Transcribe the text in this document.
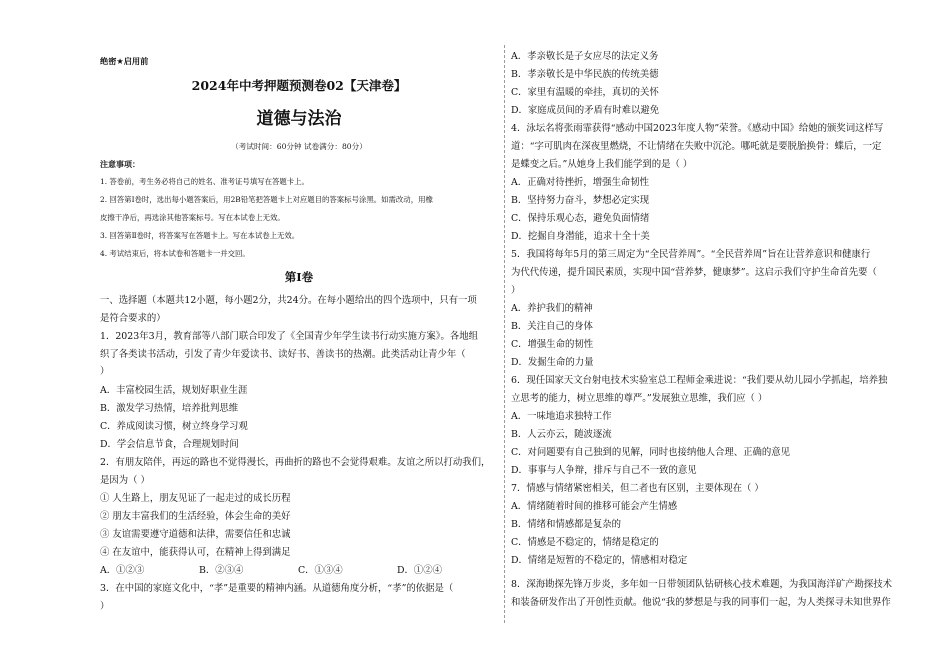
绝密★启用前
2024年中考押题预测卷02【天津卷】
道德与法治
（考试时间：60分钟 试卷满分：80分）
注意事项：
1. 答卷前，考生务必将自己的姓名、准考证号填写在答题卡上。
2. 回答第Ⅰ卷时，选出每小题答案后，用2B铅笔把答题卡上对应题目的答案标号涂黑。如需改动，用橡
皮擦干净后，再选涂其他答案标号。写在本试卷上无效。
3. 回答第Ⅱ卷时，将答案写在答题卡上。写在本试卷上无效。
4. 考试结束后，将本试卷和答题卡一并交回。
第Ⅰ卷
一、选择题（本题共12小题，每小题2分，共24分。在每小题给出的四个选项中，只有一项
是符合要求的）
1．2023年3月，教育部等八部门联合印发了《全国青少年学生读书行动实施方案》。各地组
织了各类读书活动，引发了青少年爱读书、读好书、善读书的热潮。此类活动让青少年（
）
A．丰富校园生活，规划好职业生涯
B．激发学习热情，培养批判思维
C．养成阅读习惯，树立终身学习观
D．学会信息节食，合理规划时间
2．有朋友陪伴，再远的路也不觉得漫长，再曲折的路也不会觉得艰难。友谊之所以打动我们，
是因为（ ）
① 人生路上，朋友见证了一起走过的成长历程
② 朋友丰富我们的生活经验，体会生命的美好
③ 友谊需要遵守道德和法律，需要信任和忠诚
④ 在友谊中，能获得认可，在精神上得到满足
A．①②③	B．②③④	C．①③④	D．①②④
3．在中国的家庭文化中，“孝”是重要的精神内涵。从道德角度分析，“孝”的依据是（
）
A．孝亲敬长是子女应尽的法定义务
B．孝亲敬长是中华民族的传统美德
C．家里有温暖的牵挂，真切的关怀
D．家庭成员间的矛盾有时难以避免
4．泳坛名将张雨霏获得“感动中国2023年度人物”荣誉。《感动中国》给她的颁奖词这样写
道：“字可肌肉在深夜里燃烧，不让情绪在失败中沉沦。哪吒就是要脱胎换骨：蝶后，一定
是蝶变之后。”从她身上我们能学到的是（ ）
A．正确对待挫折，增强生命韧性
B．坚持努力奋斗，梦想必定实现
C．保持乐观心态，避免负面情绪
D．挖掘自身潜能，追求十全十美
5．我国将每年5月的第三周定为“全民营养周”。“全民营养周”旨在让营养意识和健康行
为代代传递，提升国民素质，实现中国“营养梦，健康梦”。这启示我们守护生命首先要（
）
A．养护我们的精神
B．关注自己的身体
C．增强生命的韧性
D．发掘生命的力量
6．现任国家天文台射电技术实验室总工程师金乘进说：“我们要从幼儿园小学抓起，培养独
立思考的能力，树立思维的尊严。”发展独立思维，我们应（ ）
A．一味地追求独特工作
B．人云亦云，随波逐流
C．对问题要有自己独到的见解，同时也接纳他人合理、正确的意见
D．事事与人争辩，排斥与自己不一致的意见
7．情感与情绪紧密相关，但二者也有区别，主要体现在（ ）
A．情绪随着时间的推移可能会产生情感
B．情绪和情感都是复杂的
C．情感是不稳定的，情绪是稳定的
D．情绪是短暂的不稳定的，情感相对稳定
8．深海勘探先锋万步炎，多年如一日带领团队钻研核心技术难题，为我国海洋矿产勘探技术
和装备研发作出了开创性贡献。他说“我的梦想是与我的同事们一起，为人类探寻未知世界作
